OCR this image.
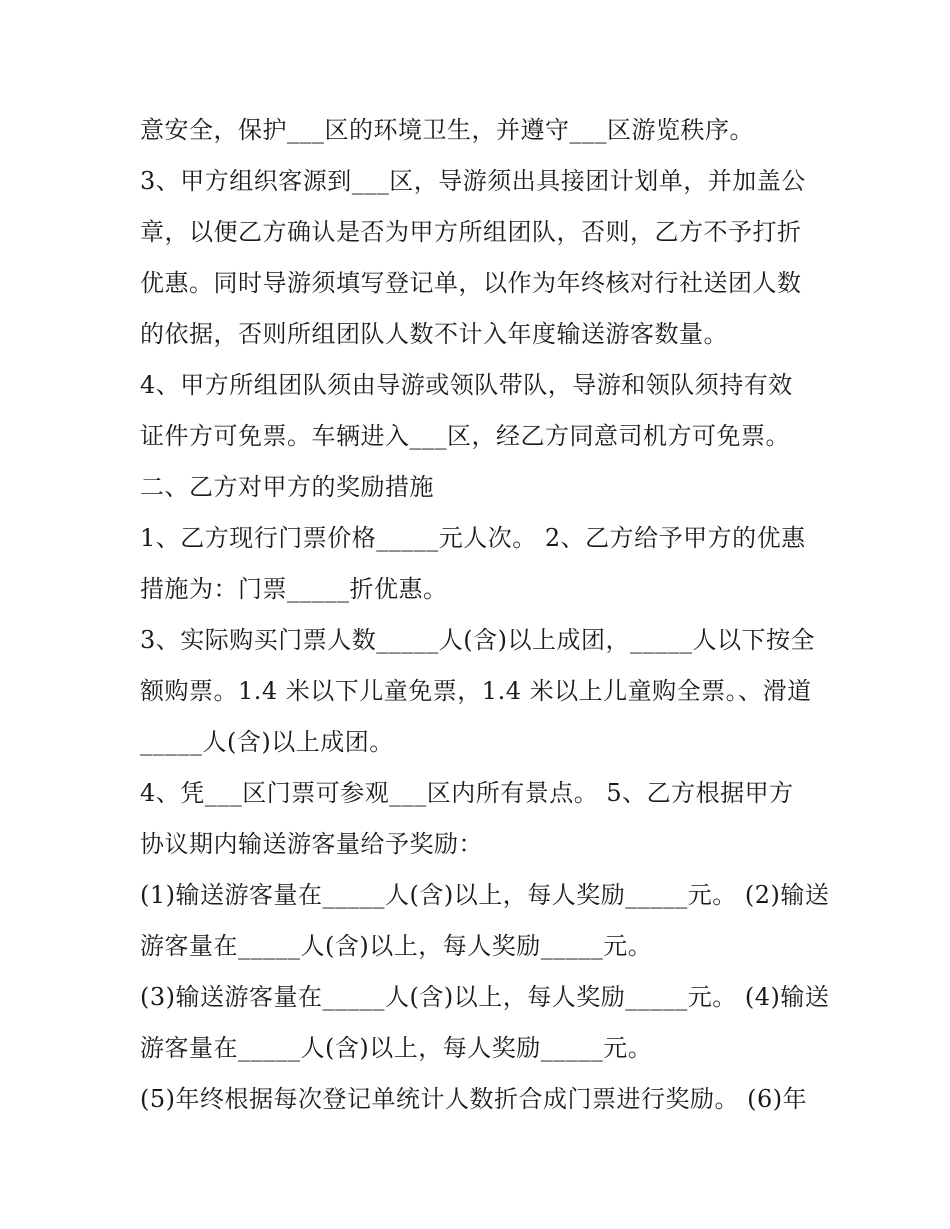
意安全，保护___区的环境卫生，并遵守___区游览秩序。
3、甲方组织客源到___区，导游须出具接团计划单，并加盖公
章，以便乙方确认是否为甲方所组团队，否则，乙方不予打折
优惠。同时导游须填写登记单，以作为年终核对行社送团人数
的依据，否则所组团队人数不计入年度输送游客数量。
4、甲方所组团队须由导游或领队带队，导游和领队须持有效
证件方可免票。车辆进入___区，经乙方同意司机方可免票。
二、乙方对甲方的奖励措施
1、乙方现行门票价格_____元人次。 2、乙方给予甲方的优惠
措施为：门票_____折优惠。
3、实际购买门票人数_____人(含)以上成团，_____人以下按全
额购票。1.4 米以下儿童免票，1.4 米以上儿童购全票。、滑道
_____人(含)以上成团。
4、凭___区门票可参观___区内所有景点。 5、乙方根据甲方
协议期内输送游客量给予奖励：
(1)输送游客量在_____人(含)以上，每人奖励_____元。 (2)输送
游客量在_____人(含)以上，每人奖励_____元。
(3)输送游客量在_____人(含)以上，每人奖励_____元。 (4)输送
游客量在_____人(含)以上，每人奖励_____元。
(5)年终根据每次登记单统计人数折合成门票进行奖励。 (6)年
